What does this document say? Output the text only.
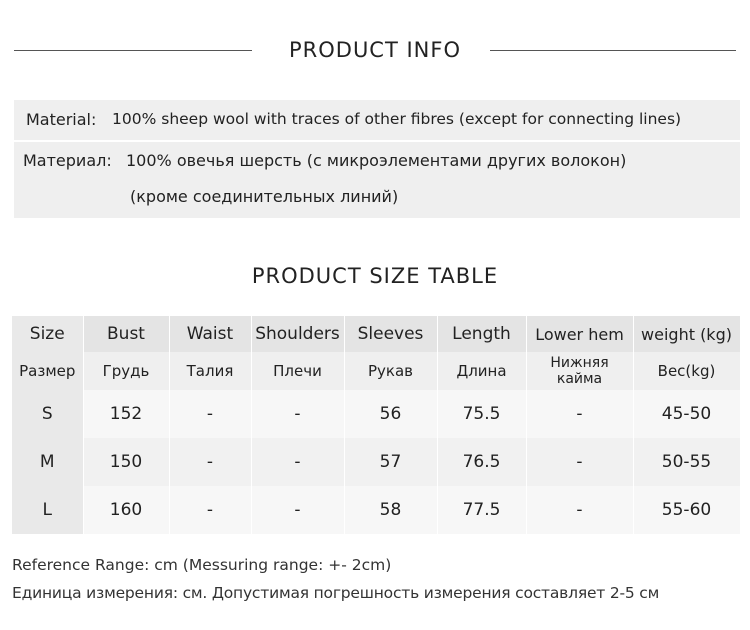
PRODUCT INFO
Material: 100% sheep wool with traces of other fibres (except for connecting lines)
Материал: 100% овечья шерсть (с микроэлементами других волокон)
(кроме соединительных линий)
PRODUCT SIZE TABLE
Size	Bust	Waist	Shoulders	Sleeves	Length	Lower hem	weight (kg)
Размер	Грудь	Талия	Плечи	Рукав	Длина	Нижняя кайма	Вес(kg)
S	152	-	-	56	75.5	-	45-50
M	150	-	-	57	76.5	-	50-55
L	160	-	-	58	77.5	-	55-60
Reference Range: cm (Messuring range: +- 2cm)
Единица измерения: см. Допустимая погрешность измерения составляет 2-5 см
